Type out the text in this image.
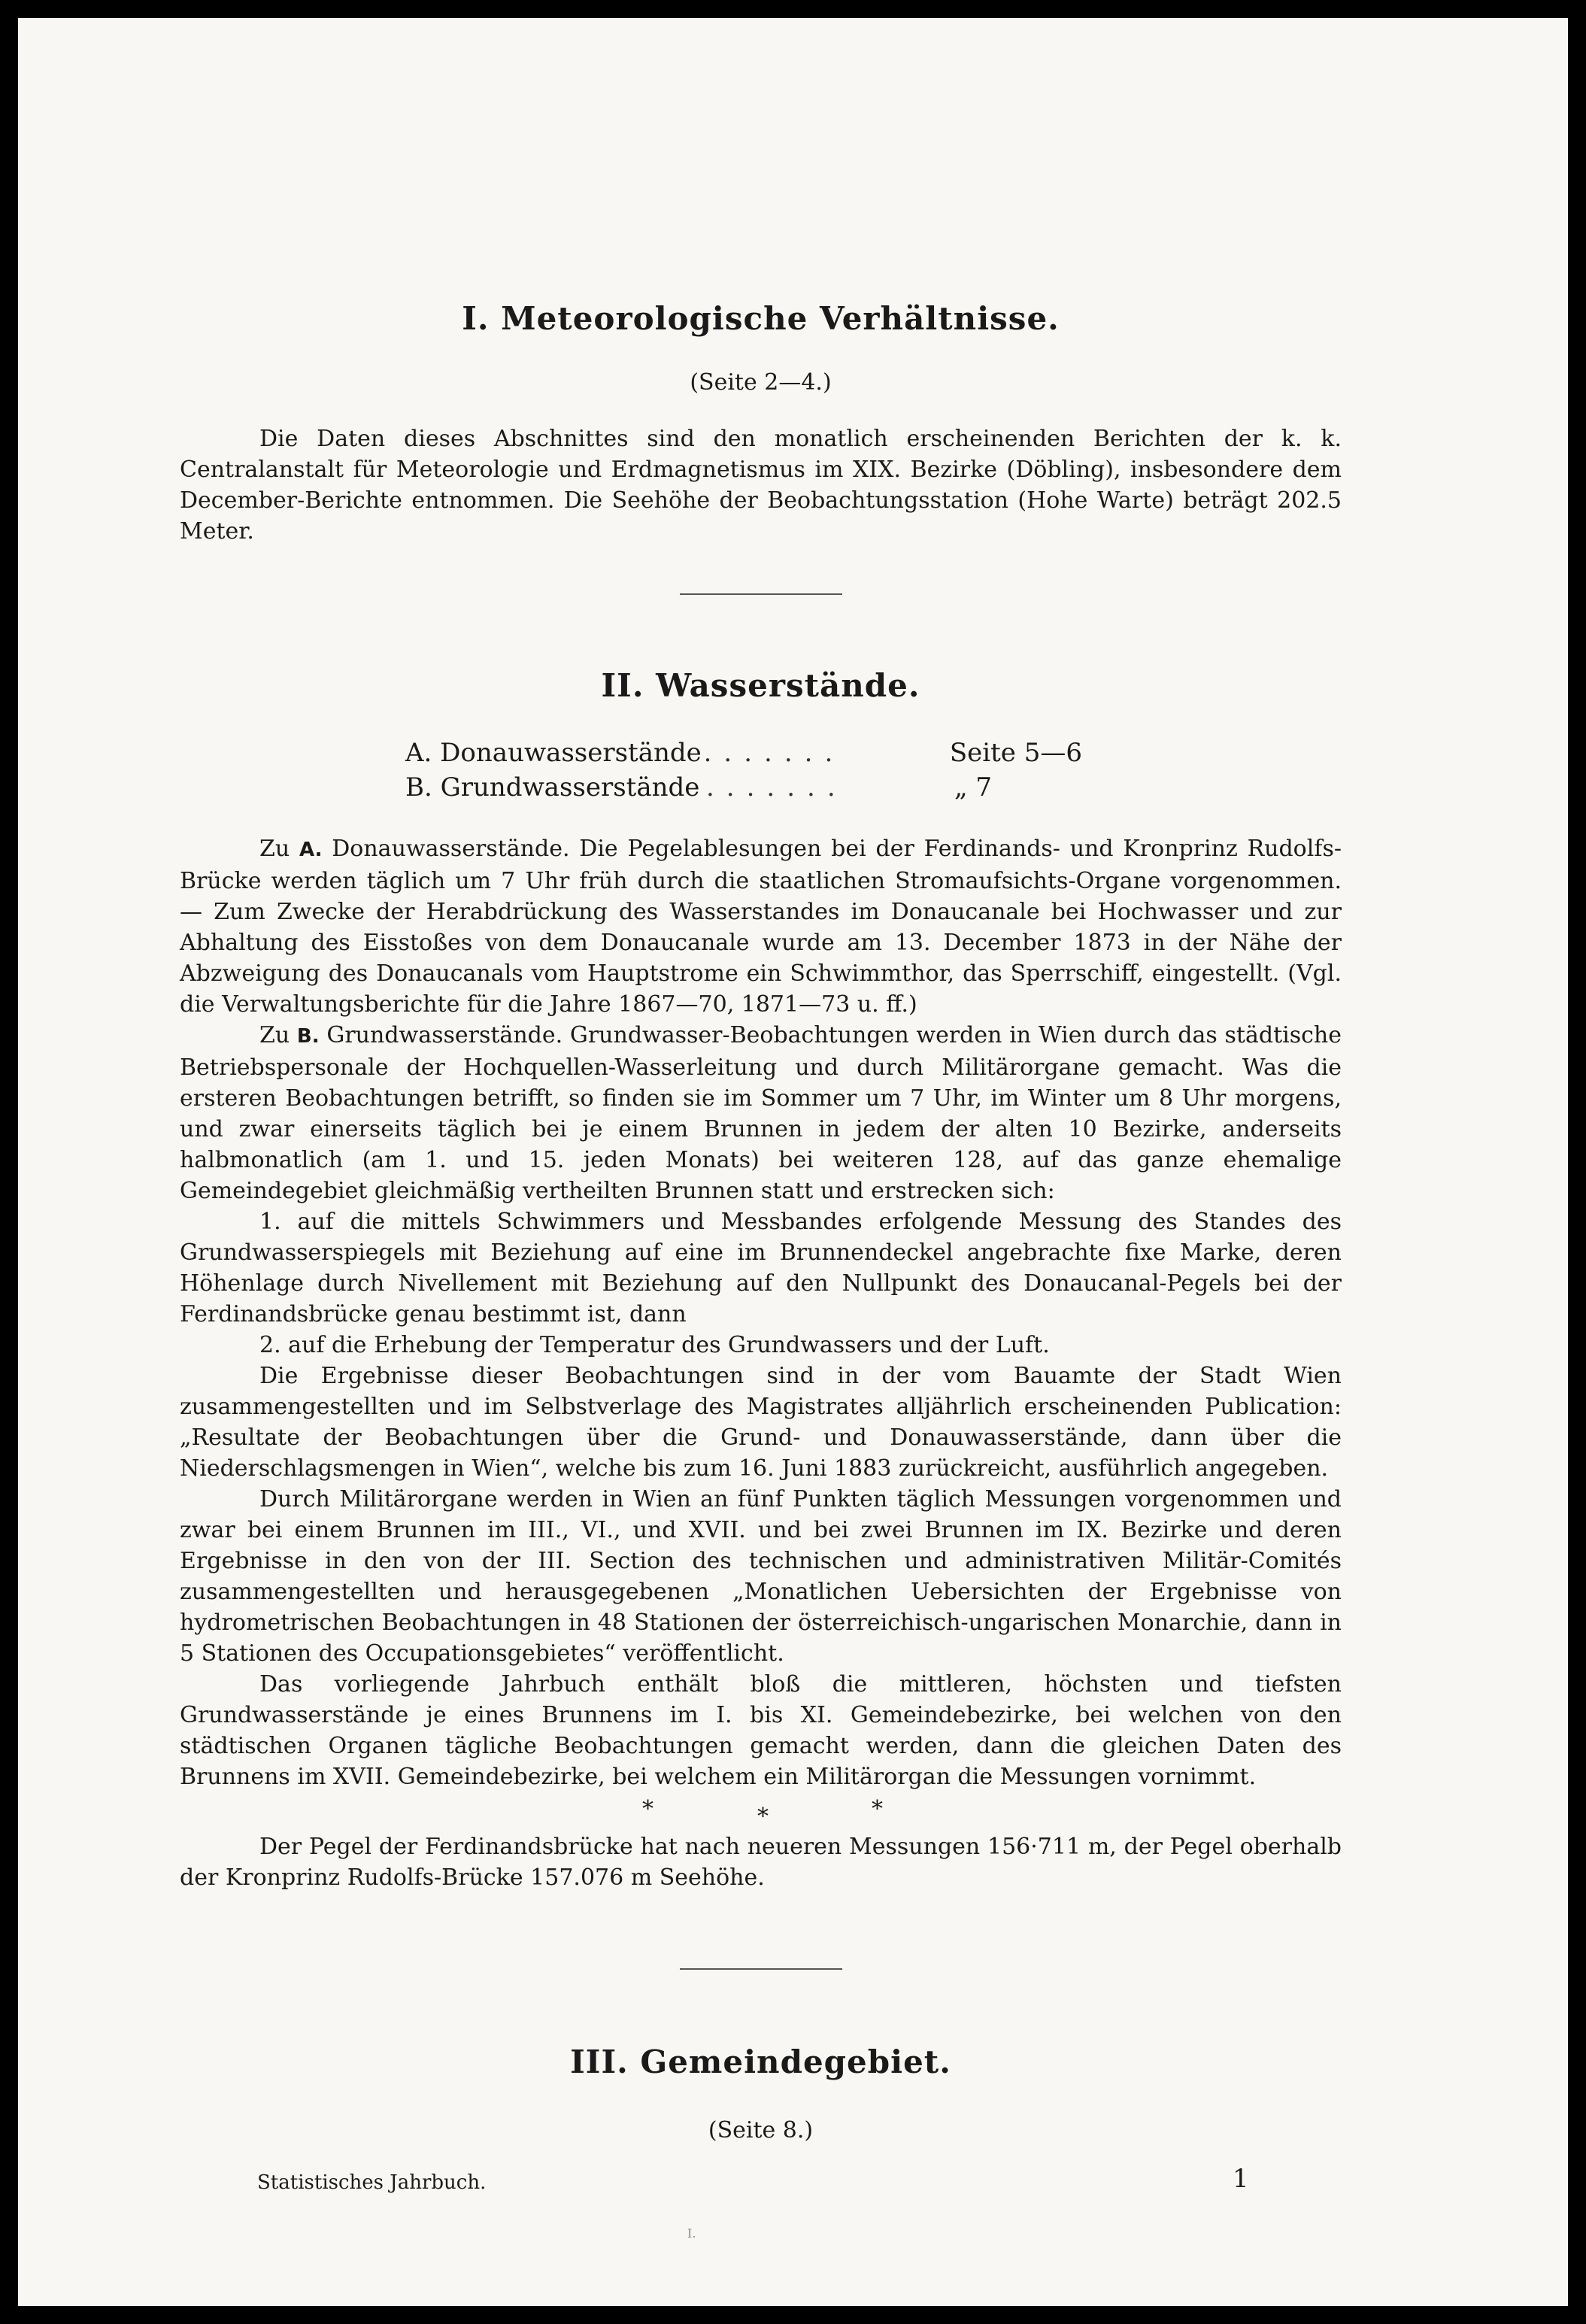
I. Meteorologische Verhältnisse.
(Seite 2—4.)

Die Daten dieses Abschnittes sind den monatlich erscheinenden Berichten der k. k. Centralanstalt für Meteorologie und Erdmagnetismus im XIX. Bezirke (Döbling), insbesondere dem December-Berichte entnommen. Die Seehöhe der Beobachtungsstation (Hohe Warte) beträgt 202.5 Meter.

II. Wasserstände.
A. Donauwasserstände .......	Seite 5—6
B. Grundwasserstände .......	„ 7

Zu A. Donauwasserstände. Die Pegelablesungen bei der Ferdinands- und Kronprinz Rudolfs-Brücke werden täglich um 7 Uhr früh durch die staatlichen Stromaufsichts-Organe vorgenommen. — Zum Zwecke der Herabdrückung des Wasserstandes im Donaucanale bei Hochwasser und zur Abhaltung des Eisstoßes von dem Donaucanale wurde am 13. December 1873 in der Nähe der Abzweigung des Donaucanals vom Hauptstrome ein Schwimmthor, das Sperrschiff, eingestellt. (Vgl. die Verwaltungsberichte für die Jahre 1867—70, 1871—73 u. ff.)

Zu B. Grundwasserstände. Grundwasser-Beobachtungen werden in Wien durch das städtische Betriebspersonale der Hochquellen-Wasserleitung und durch Militärorgane gemacht. Was die ersteren Beobachtungen betrifft, so finden sie im Sommer um 7 Uhr, im Winter um 8 Uhr morgens, und zwar einerseits täglich bei je einem Brunnen in jedem der alten 10 Bezirke, anderseits halbmonatlich (am 1. und 15. jeden Monats) bei weiteren 128, auf das ganze ehemalige Gemeindegebiet gleichmäßig vertheilten Brunnen statt und erstrecken sich:

1. auf die mittels Schwimmers und Messbandes erfolgende Messung des Standes des Grundwasserspiegels mit Beziehung auf eine im Brunnendeckel angebrachte fixe Marke, deren Höhenlage durch Nivellement mit Beziehung auf den Nullpunkt des Donaucanal-Pegels bei der Ferdinandsbrücke genau bestimmt ist, dann

2. auf die Erhebung der Temperatur des Grundwassers und der Luft.

Die Ergebnisse dieser Beobachtungen sind in der vom Bauamte der Stadt Wien zusammengestellten und im Selbstverlage des Magistrates alljährlich erscheinenden Publication: „Resultate der Beobachtungen über die Grund- und Donauwasserstände, dann über die Niederschlagsmengen in Wien“, welche bis zum 16. Juni 1883 zurückreicht, ausführlich angegeben.

Durch Militärorgane werden in Wien an fünf Punkten täglich Messungen vorgenommen und zwar bei einem Brunnen im III., VI., und XVII. und bei zwei Brunnen im IX. Bezirke und deren Ergebnisse in den von der III. Section des technischen und administrativen Militär-Comités zusammengestellten und herausgegebenen „Monatlichen Uebersichten der Ergebnisse von hydrometrischen Beobachtungen in 48 Stationen der österreichisch-ungarischen Monarchie, dann in 5 Stationen des Occupationsgebietes“ veröffentlicht.

Das vorliegende Jahrbuch enthält bloß die mittleren, höchsten und tiefsten Grundwasserstände je eines Brunnens im I. bis XI. Gemeindebezirke, bei welchen von den städtischen Organen tägliche Beobachtungen gemacht werden, dann die gleichen Daten des Brunnens im XVII. Gemeindebezirke, bei welchem ein Militärorgan die Messungen vornimmt.

*	*	*

Der Pegel der Ferdinandsbrücke hat nach neueren Messungen 156·711 m, der Pegel oberhalb der Kronprinz Rudolfs-Brücke 157.076 m Seehöhe.

III. Gemeindegebiet.
(Seite 8.)
Statistisches Jahrbuch.	1
I.
